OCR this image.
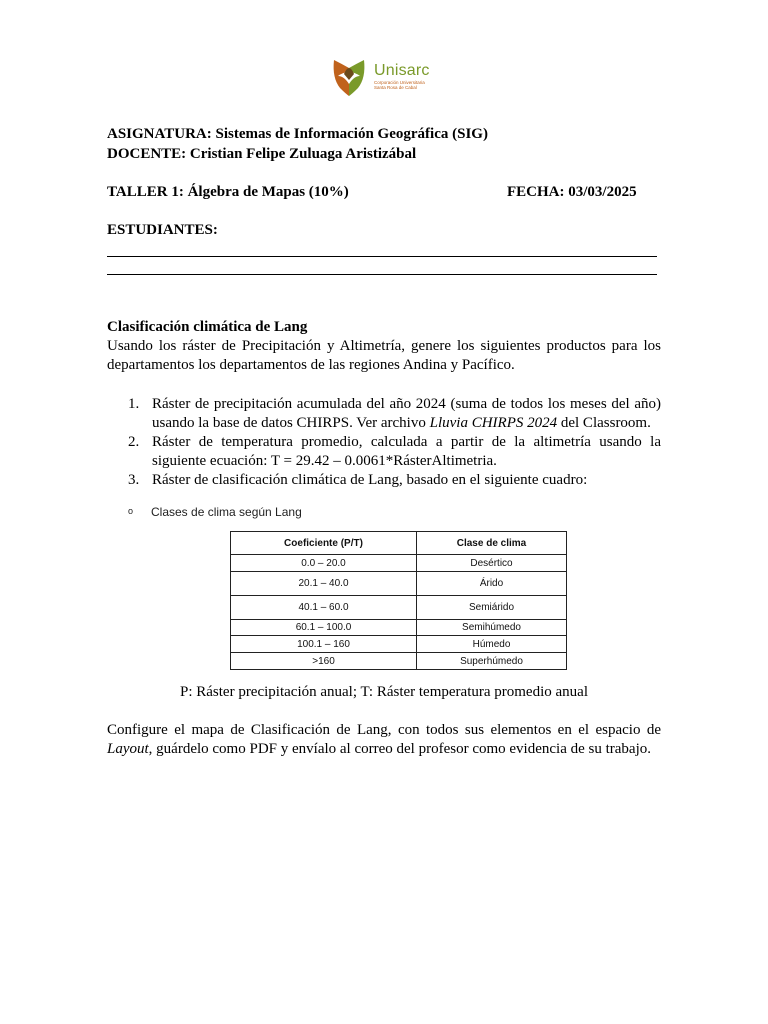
Unisarc
Corporación Universitaria
Santa Rosa de Cabal
ASIGNATURA: Sistemas de Información Geográfica (SIG)
DOCENTE: Cristian Felipe Zuluaga Aristizábal
TALLER 1: Álgebra de Mapas (10%)	FECHA: 03/03/2025
ESTUDIANTES:
Clasificación climática de Lang
Usando los ráster de Precipitación y Altimetría, genere los siguientes productos para los departamentos los departamentos de las regiones Andina y Pacífico.
1. Ráster de precipitación acumulada del año 2024 (suma de todos los meses del año) usando la base de datos CHIRPS. Ver archivo Lluvia CHIRPS 2024 del Classroom.
2. Ráster de temperatura promedio, calculada a partir de la altimetría usando la siguiente ecuación: T = 29.42 – 0.0061*RásterAltimetria.
3. Ráster de clasificación climática de Lang, basado en el siguiente cuadro:
o Clases de clima según Lang
Coeficiente (P/T)	Clase de clima
0.0 – 20.0	Desértico
20.1 – 40.0	Árido
40.1 – 60.0	Semiárido
60.1 – 100.0	Semihúmedo
100.1 – 160	Húmedo
>160	Superhúmedo
P: Ráster precipitación anual; T: Ráster temperatura promedio anual
Configure el mapa de Clasificación de Lang, con todos sus elementos en el espacio de Layout, guárdelo como PDF y envíalo al correo del profesor como evidencia de su trabajo.
